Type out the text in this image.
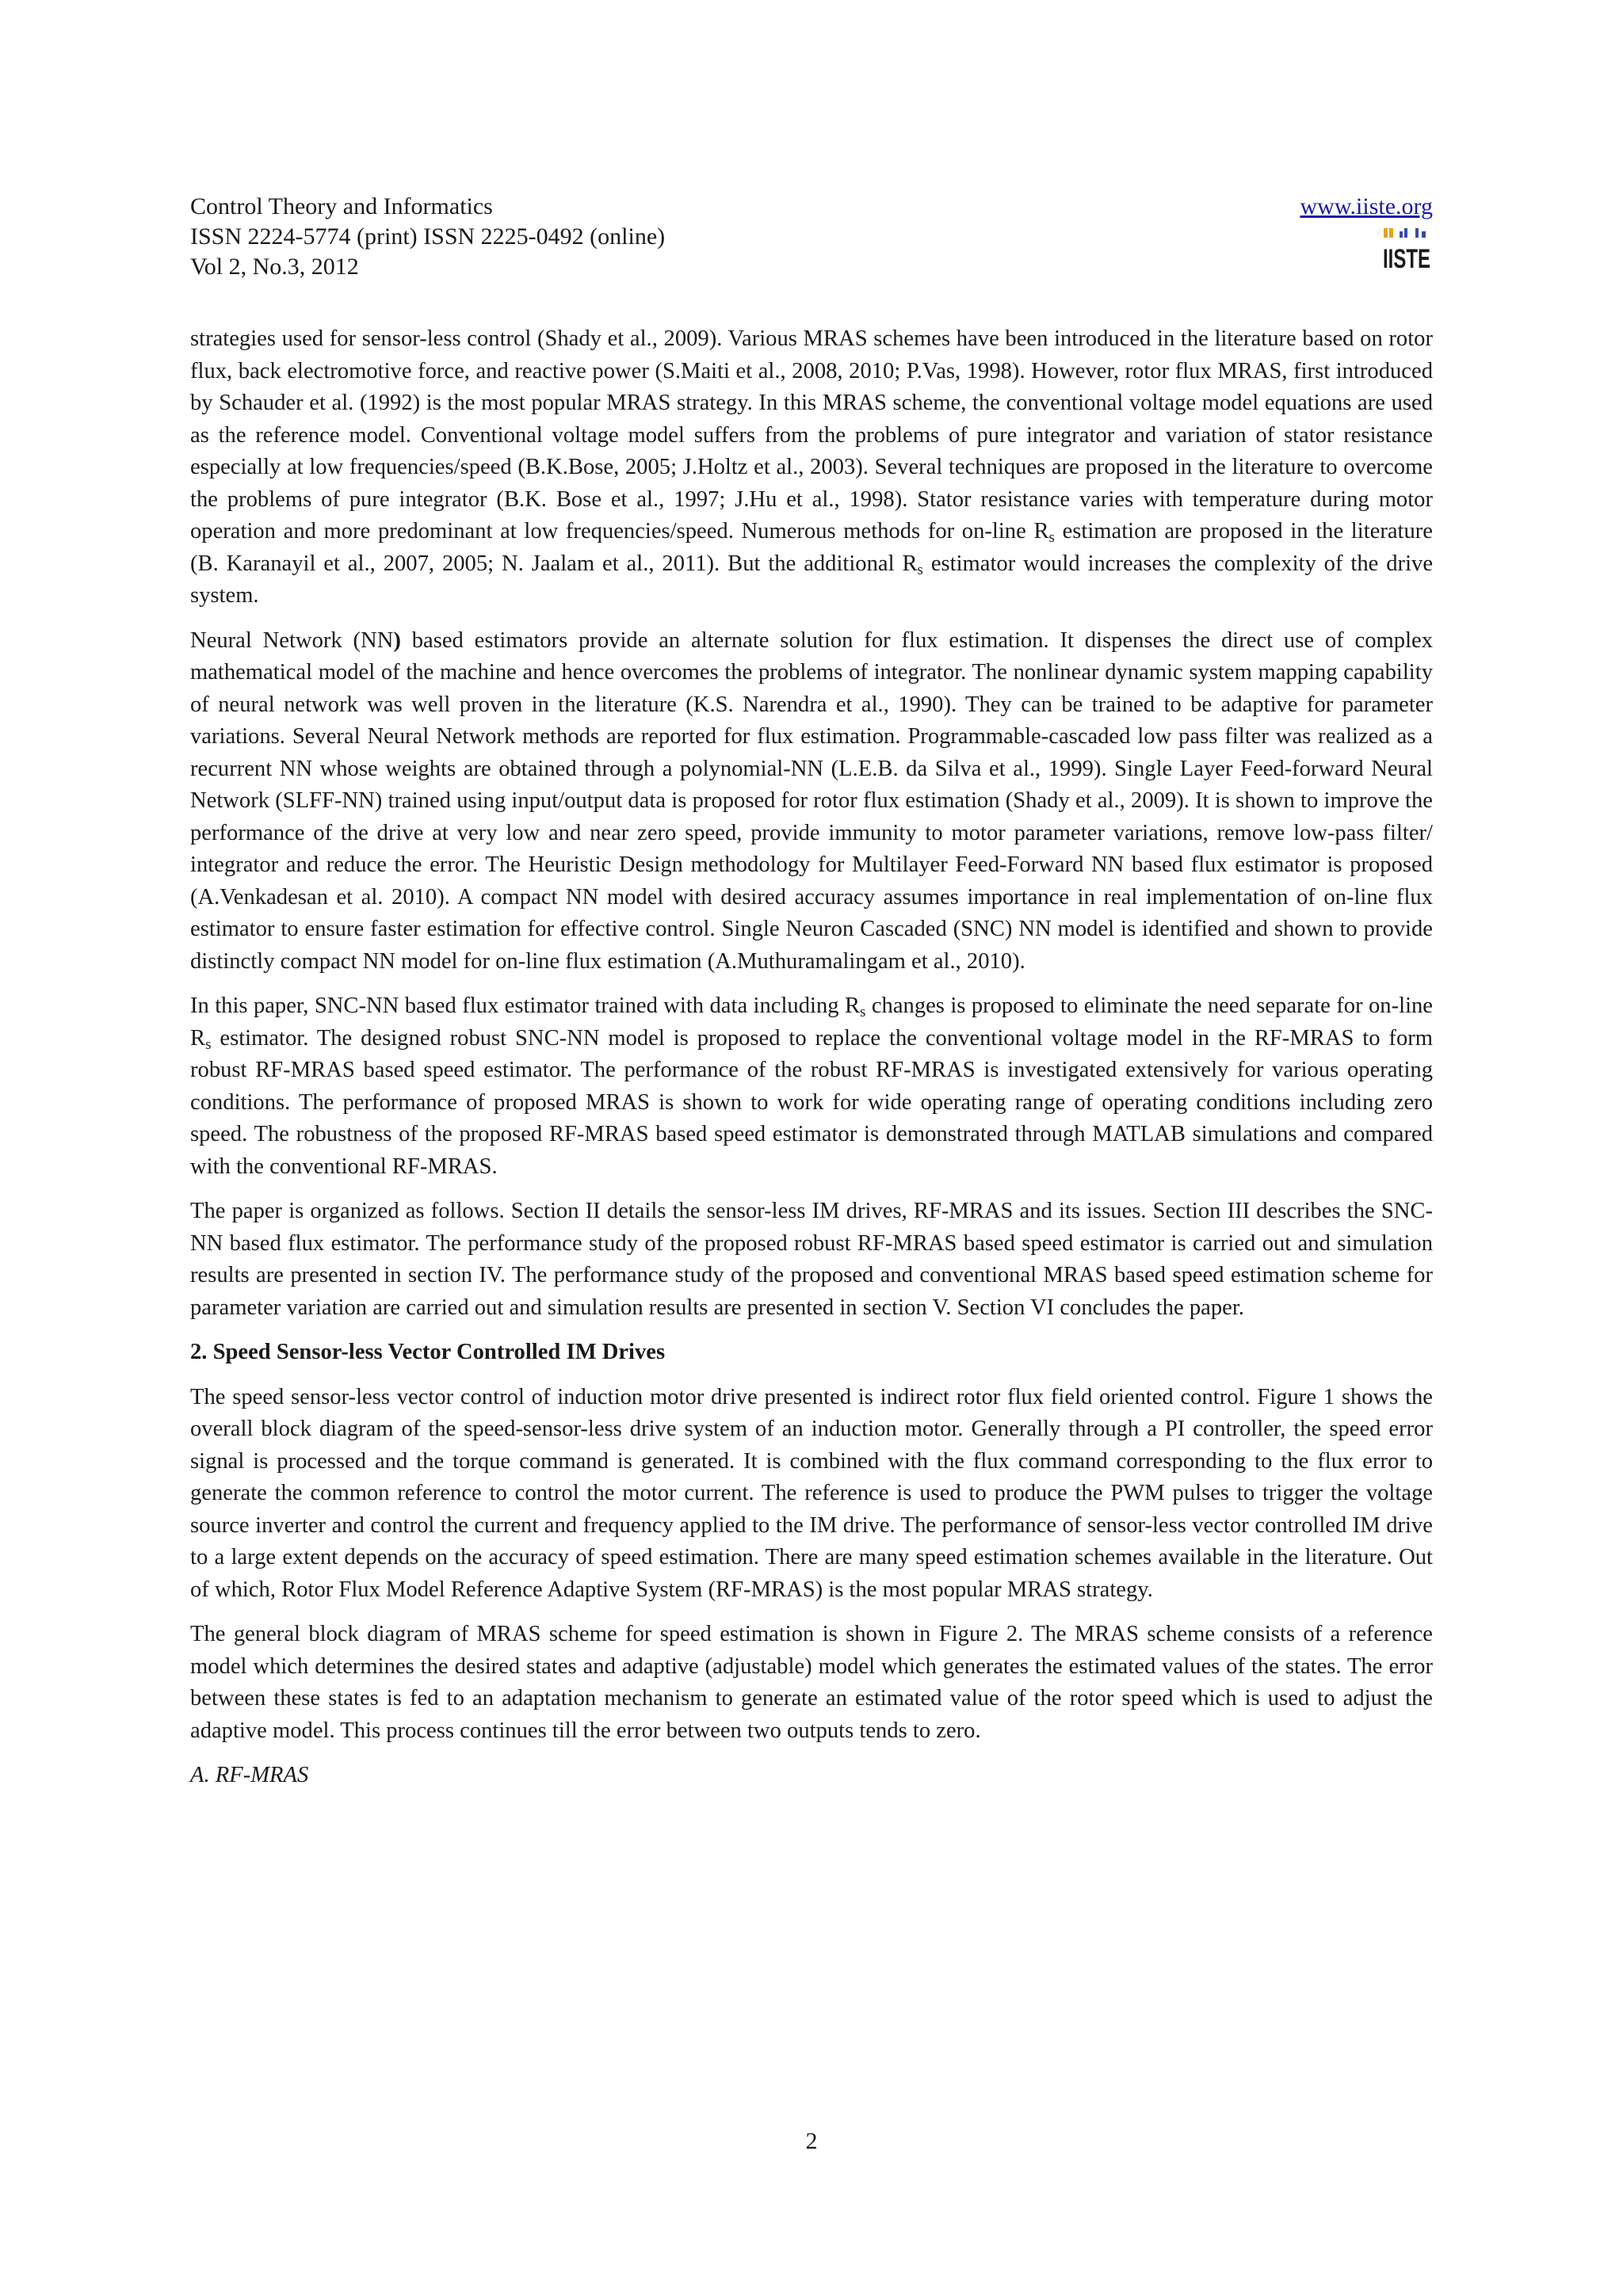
Control Theory and Informatics
ISSN 2224-5774 (print) ISSN 2225-0492 (online)
Vol 2, No.3, 2012
www.iiste.org
IISTE

strategies used for sensor-less control (Shady et al., 2009). Various MRAS schemes have been introduced in the literature based on rotor flux, back electromotive force, and reactive power (S.Maiti et al., 2008, 2010; P.Vas, 1998). However, rotor flux MRAS, first introduced by Schauder et al. (1992) is the most popular MRAS strategy. In this MRAS scheme, the conventional voltage model equations are used as the reference model. Conventional voltage model suffers from the problems of pure integrator and variation of stator resistance especially at low frequencies/speed (B.K.Bose, 2005; J.Holtz et al., 2003). Several techniques are proposed in the literature to overcome the problems of pure integrator (B.K. Bose et al., 1997; J.Hu et al., 1998). Stator resistance varies with temperature during motor operation and more predominant at low frequencies/speed. Numerous methods for on-line $R_s$ estimation are proposed in the literature (B. Karanayil et al., 2007, 2005; N. Jaalam et al., 2011). But the additional $R_s$ estimator would increases the complexity of the drive system.

Neural Network (NN) based estimators provide an alternate solution for flux estimation. It dispenses the direct use of complex mathematical model of the machine and hence overcomes the problems of integrator. The nonlinear dynamic system mapping capability of neural network was well proven in the literature (K.S. Narendra et al., 1990). They can be trained to be adaptive for parameter variations. Several Neural Network methods are reported for flux estimation. Programmable-cascaded low pass filter was realized as a recurrent NN whose weights are obtained through a polynomial-NN (L.E.B. da Silva et al., 1999). Single Layer Feed-forward Neural Network (SLFF-NN) trained using input/output data is proposed for rotor flux estimation (Shady et al., 2009). It is shown to improve the performance of the drive at very low and near zero speed, provide immunity to motor parameter variations, remove low-pass filter/ integrator and reduce the error. The Heuristic Design methodology for Multilayer Feed-Forward NN based flux estimator is proposed (A.Venkadesan et al. 2010). A compact NN model with desired accuracy assumes importance in real implementation of on-line flux estimator to ensure faster estimation for effective control. Single Neuron Cascaded (SNC) NN model is identified and shown to provide distinctly compact NN model for on-line flux estimation (A.Muthuramalingam et al., 2010).

In this paper, SNC-NN based flux estimator trained with data including $R_s$ changes is proposed to eliminate the need separate for on-line $R_s$ estimator. The designed robust SNC-NN model is proposed to replace the conventional voltage model in the RF-MRAS to form robust RF-MRAS based speed estimator. The performance of the robust RF-MRAS is investigated extensively for various operating conditions. The performance of proposed MRAS is shown to work for wide operating range of operating conditions including zero speed. The robustness of the proposed RF-MRAS based speed estimator is demonstrated through MATLAB simulations and compared with the conventional RF-MRAS.

The paper is organized as follows. Section II details the sensor-less IM drives, RF-MRAS and its issues. Section III describes the SNC-NN based flux estimator. The performance study of the proposed robust RF-MRAS based speed estimator is carried out and simulation results are presented in section IV. The performance study of the proposed and conventional MRAS based speed estimation scheme for parameter variation are carried out and simulation results are presented in section V. Section VI concludes the paper.

2. Speed Sensor-less Vector Controlled IM Drives

The speed sensor-less vector control of induction motor drive presented is indirect rotor flux field oriented control. Figure 1 shows the overall block diagram of the speed-sensor-less drive system of an induction motor. Generally through a PI controller, the speed error signal is processed and the torque command is generated. It is combined with the flux command corresponding to the flux error to generate the common reference to control the motor current. The reference is used to produce the PWM pulses to trigger the voltage source inverter and control the current and frequency applied to the IM drive. The performance of sensor-less vector controlled IM drive to a large extent depends on the accuracy of speed estimation. There are many speed estimation schemes available in the literature. Out of which, Rotor Flux Model Reference Adaptive System (RF-MRAS) is the most popular MRAS strategy.

The general block diagram of MRAS scheme for speed estimation is shown in Figure 2. The MRAS scheme consists of a reference model which determines the desired states and adaptive (adjustable) model which generates the estimated values of the states. The error between these states is fed to an adaptation mechanism to generate an estimated value of the rotor speed which is used to adjust the adaptive model. This process continues till the error between two outputs tends to zero.

A. RF-MRAS

2
